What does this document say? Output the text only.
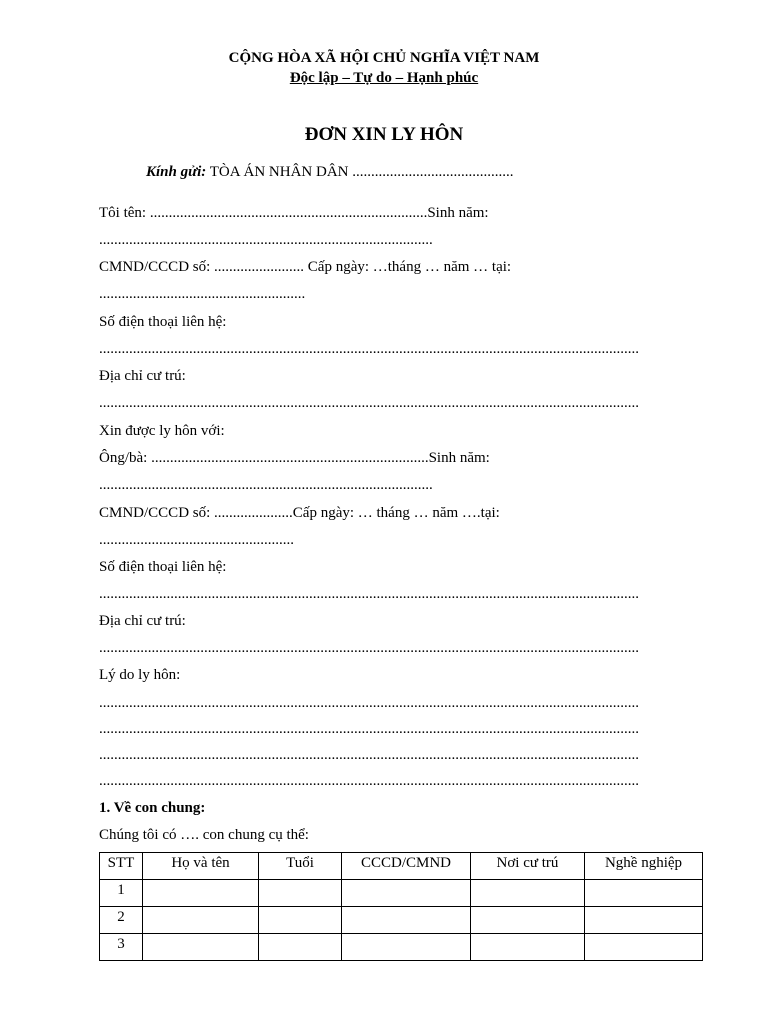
CỘNG HÒA XÃ HỘI CHỦ NGHĨA VIỆT NAM
Độc lập – Tự do – Hạnh phúc
ĐƠN XIN LY HÔN
Kính gửi: TÒA ÁN NHÂN DÂN ...........................................
Tôi tên: ..........................................................................Sinh năm:
.........................................................................................
CMND/CCCD số: ........................ Cấp ngày: …tháng … năm … tại:
.......................................................
Số điện thoại liên hệ:
................................................................................................................................................
Địa chỉ cư trú:
................................................................................................................................................
Xin được ly hôn với:
Ông/bà: ..........................................................................Sinh năm:
.........................................................................................
CMND/CCCD số: .....................Cấp ngày: … tháng … năm ….tại:
....................................................
Số điện thoại liên hệ:
................................................................................................................................................
Địa chỉ cư trú:
................................................................................................................................................
Lý do ly hôn:
................................................................................................................................................
................................................................................................................................................
................................................................................................................................................
................................................................................................................................................
1. Về con chung:
Chúng tôi có …. con chung cụ thể:
STT	Họ và tên	Tuổi	CCCD/CMND	Nơi cư trú	Nghề nghiệp
1					
2					
3					
